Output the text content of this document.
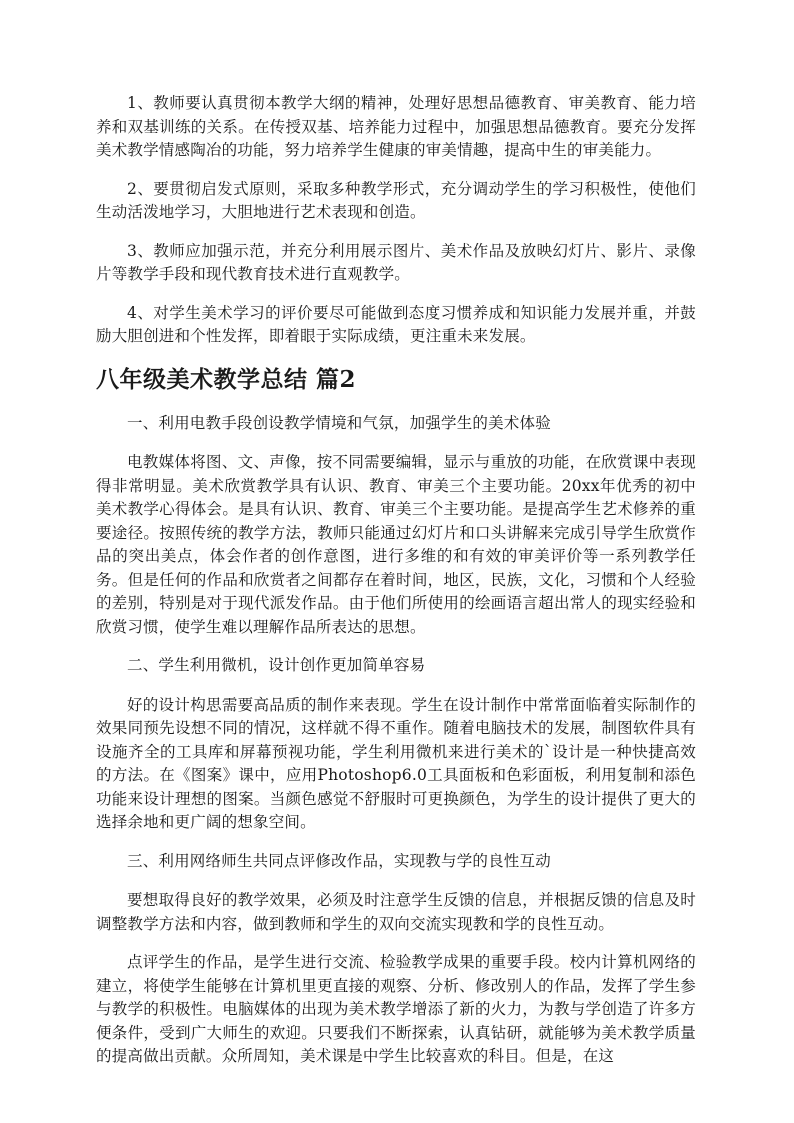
1、教师要认真贯彻本教学大纲的精神，处理好思想品德教育、审美教育、能力培养和双基训练的关系。在传授双基、培养能力过程中，加强思想品德教育。要充分发挥美术教学情感陶冶的功能，努力培养学生健康的审美情趣，提高中生的审美能力。

2、要贯彻启发式原则，采取多种教学形式，充分调动学生的学习积极性，使他们生动活泼地学习，大胆地进行艺术表现和创造。

3、教师应加强示范，并充分利用展示图片、美术作品及放映幻灯片、影片、录像片等教学手段和现代教育技术进行直观教学。

4、对学生美术学习的评价要尽可能做到态度习惯养成和知识能力发展并重，并鼓励大胆创进和个性发挥，即着眼于实际成绩，更注重未来发展。

八年级美术教学总结 篇2

一、利用电教手段创设教学情境和气氛，加强学生的美术体验

电教媒体将图、文、声像，按不同需要编辑，显示与重放的功能，在欣赏课中表现得非常明显。美术欣赏教学具有认识、教育、审美三个主要功能。20xx年优秀的初中美术教学心得体会。是具有认识、教育、审美三个主要功能。是提高学生艺术修养的重要途径。按照传统的教学方法，教师只能通过幻灯片和口头讲解来完成引导学生欣赏作品的突出美点，体会作者的创作意图，进行多维的和有效的审美评价等一系列教学任务。但是任何的作品和欣赏者之间都存在着时间，地区，民族，文化，习惯和个人经验的差别，特别是对于现代派发作品。由于他们所使用的绘画语言超出常人的现实经验和欣赏习惯，使学生难以理解作品所表达的思想。

二、学生利用微机，设计创作更加简单容易

好的设计构思需要高品质的制作来表现。学生在设计制作中常常面临着实际制作的效果同预先设想不同的情况，这样就不得不重作。随着电脑技术的发展，制图软件具有设施齐全的工具库和屏幕预视功能，学生利用微机来进行美术的`设计是一种快捷高效的方法。在《图案》课中，应用Photoshop6.0工具面板和色彩面板，利用复制和添色功能来设计理想的图案。当颜色感觉不舒服时可更换颜色，为学生的设计提供了更大的选择余地和更广阔的想象空间。

三、利用网络师生共同点评修改作品，实现教与学的良性互动

要想取得良好的教学效果，必须及时注意学生反馈的信息，并根据反馈的信息及时调整教学方法和内容，做到教师和学生的双向交流实现教和学的良性互动。

点评学生的作品，是学生进行交流、检验教学成果的重要手段。校内计算机网络的建立，将使学生能够在计算机里更直接的观察、分析、修改别人的作品，发挥了学生参与教学的积极性。电脑媒体的出现为美术教学增添了新的火力，为教与学创造了许多方便条件，受到广大师生的欢迎。只要我们不断探索，认真钻研，就能够为美术教学质量的提高做出贡献。众所周知，美术课是中学生比较喜欢的科目。但是，在这
